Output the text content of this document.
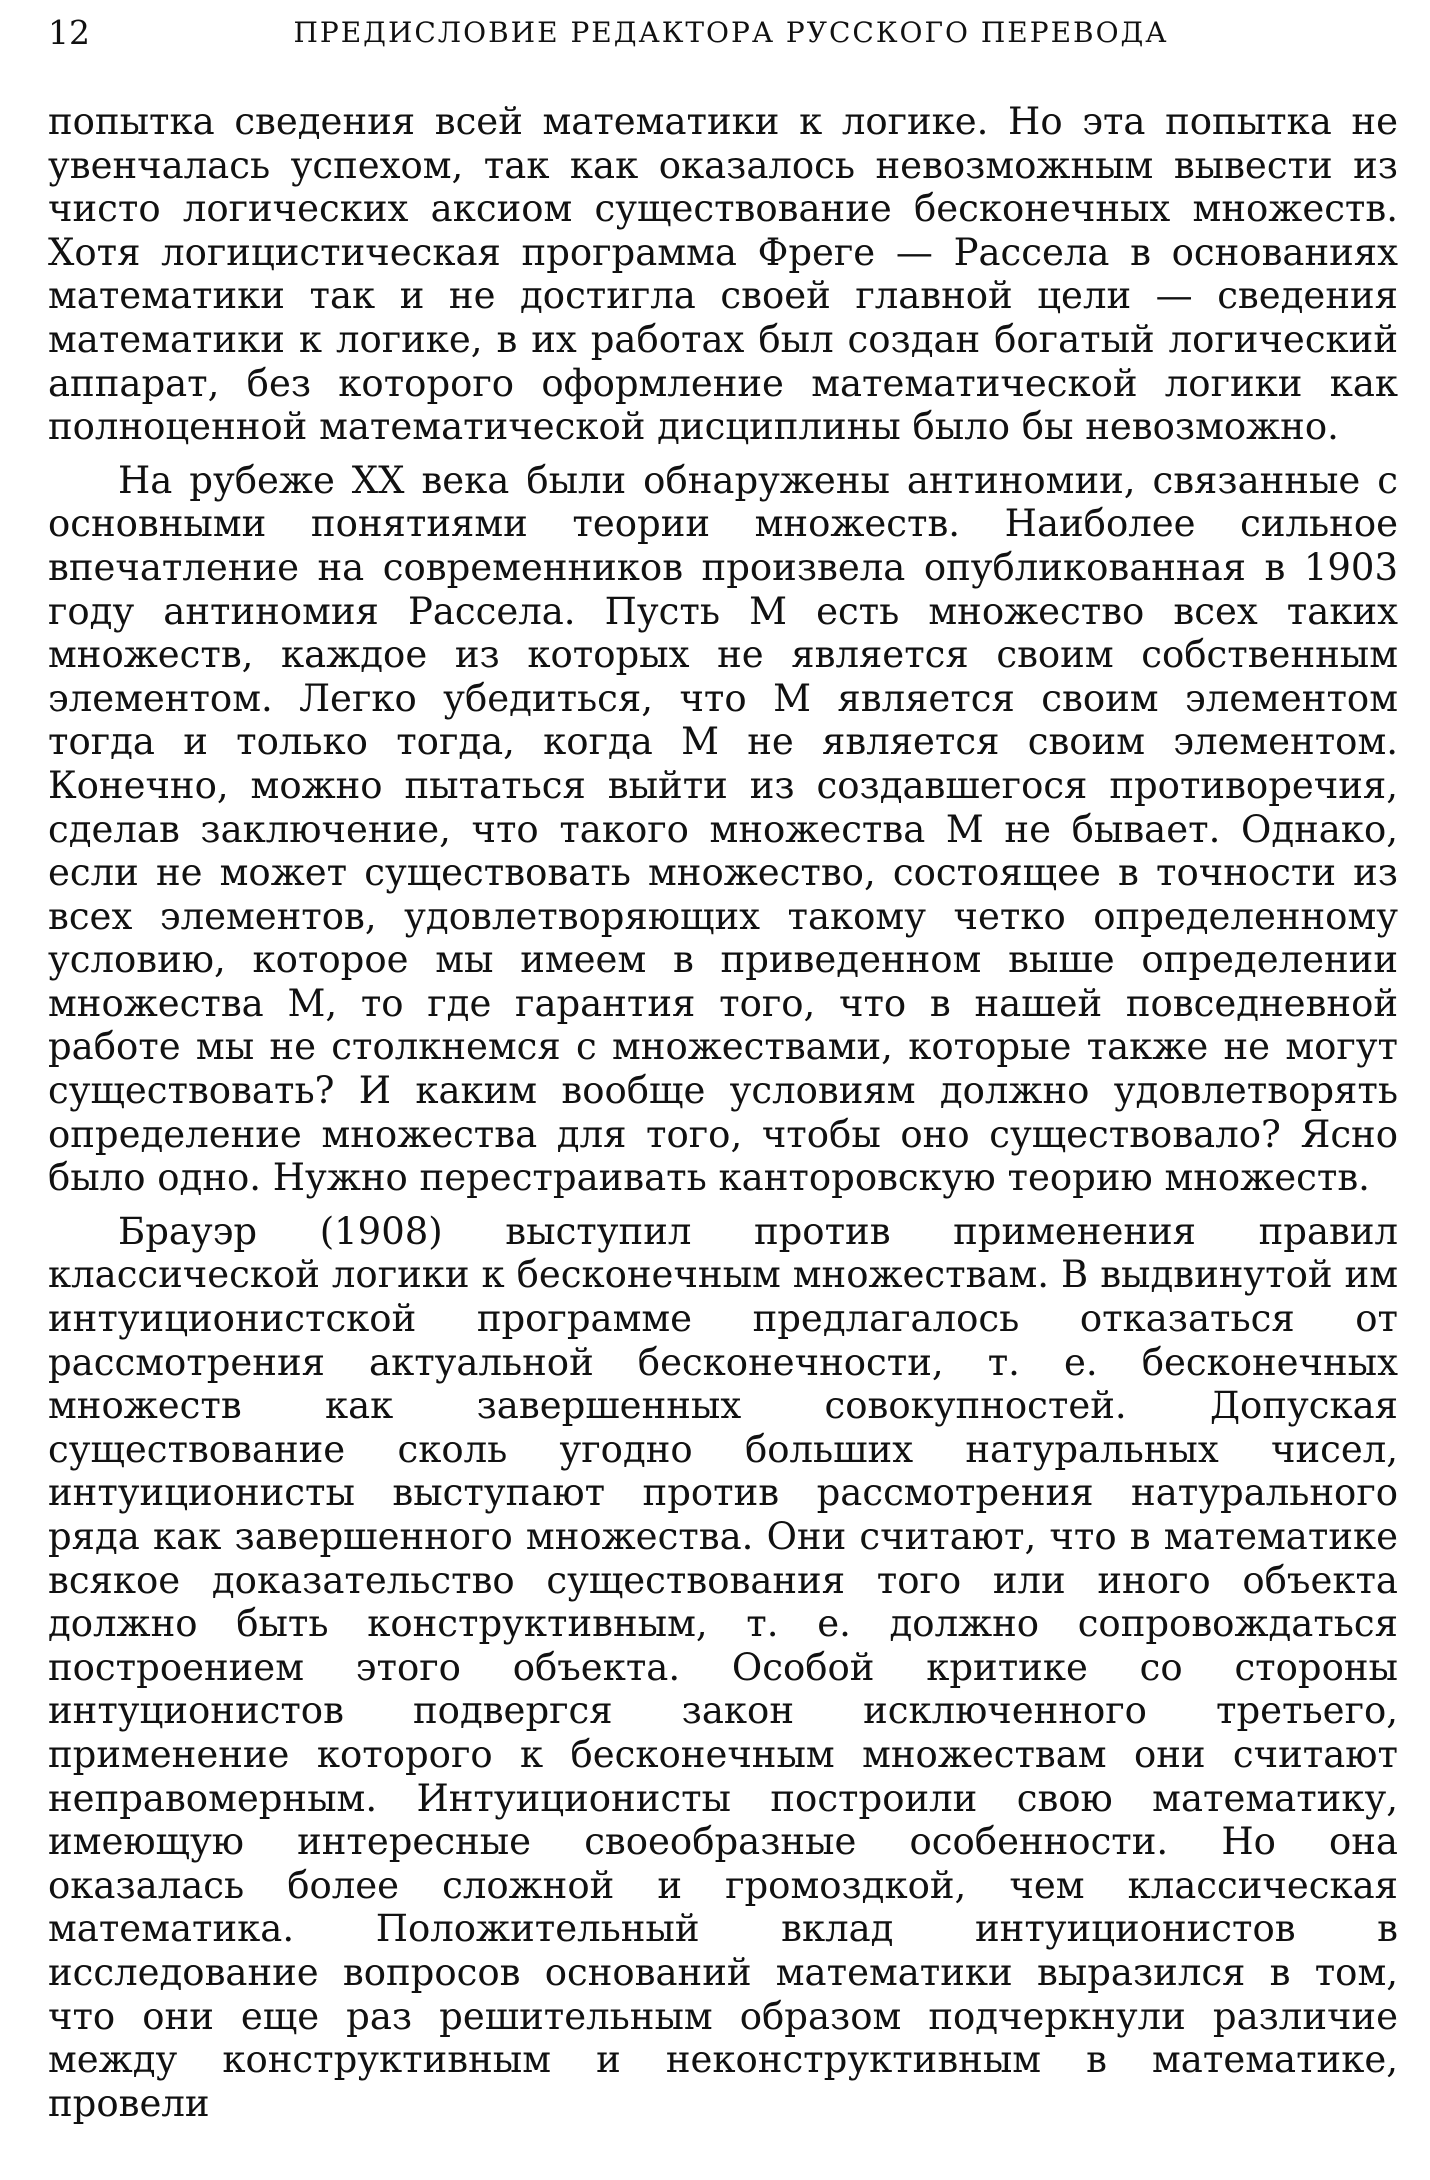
12	ПРЕДИСЛОВИЕ РЕДАКТОРА РУССКОГО ПЕРЕВОДА

попытка сведения всей математики к логике. Но эта попытка не увенчалась успехом, так как оказалось невозможным вывести из чисто логических аксиом существование бесконечных множеств. Хотя логицистическая программа Фреге — Рассела в основаниях математики так и не достигла своей главной цели — сведения математики к логике, в их работах был создан богатый логический аппарат, без которого оформление математической логики как полноценной математической дисциплины было бы невозможно.

На рубеже XX века были обнаружены антиномии, связанные с основными понятиями теории множеств. Наиболее сильное впечатление на современников произвела опубликованная в 1903 году антиномия Рассела. Пусть M есть множество всех таких множеств, каждое из которых не является своим собственным элементом. Легко убедиться, что M является своим элементом тогда и только тогда, когда M не является своим элементом. Конечно, можно пытаться выйти из создавшегося противоречия, сделав заключение, что такого множества M не бывает. Однако, если не может существовать множество, состоящее в точности из всех элементов, удовлетворяющих такому четко определенному условию, которое мы имеем в приведенном выше определении множества M, то где гарантия того, что в нашей повседневной работе мы не столкнемся с множествами, которые также не могут существовать? И каким вообще условиям должно удовлетворять определение множества для того, чтобы оно существовало? Ясно было одно. Нужно перестраивать канторовскую теорию множеств.

Брауэр (1908) выступил против применения правил классической логики к бесконечным множествам. В выдвинутой им интуиционистской программе предлагалось отказаться от рассмотрения актуальной бесконечности, т. е. бесконечных множеств как завершенных совокупностей. Допуская существование сколь угодно больших натуральных чисел, интуиционисты выступают против рассмотрения натурального ряда как завершенного множества. Они считают, что в математике всякое доказательство существования того или иного объекта должно быть конструктивным, т. е. должно сопровождаться построением этого объекта. Особой критике со стороны интуционистов подвергся закон исключенного третьего, применение которого к бесконечным множествам они считают неправомерным. Интуиционисты построили свою математику, имеющую интересные своеобразные особенности. Но она оказалась более сложной и громоздкой, чем классическая математика. Положительный вклад интуиционистов в исследование вопросов оснований математики выразился в том, что они еще раз решительным образом подчеркнули различие между конструктивным и неконструктивным в математике, провели
